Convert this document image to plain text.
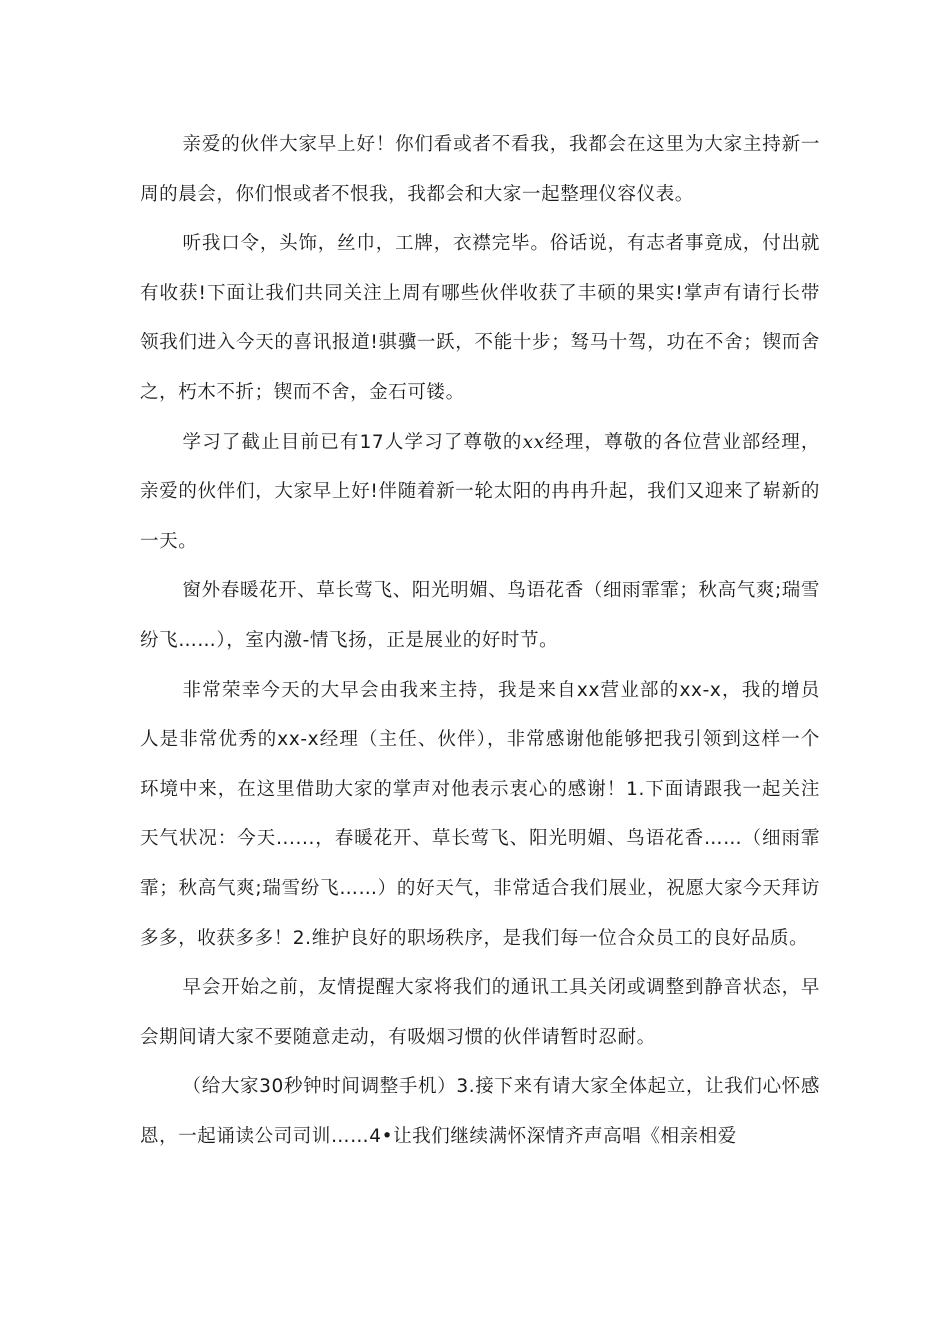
亲爱的伙伴大家早上好！你们看或者不看我，我都会在这里为大家主持新一周的晨会，你们恨或者不恨我，我都会和大家一起整理仪容仪表。

听我口令，头饰，丝巾，工牌，衣襟完毕。俗话说，有志者事竟成，付出就有收获!下面让我们共同关注上周有哪些伙伴收获了丰硕的果实!掌声有请行长带领我们进入今天的喜讯报道!骐骥一跃，不能十步；驽马十驾，功在不舍；锲而舍之，朽木不折；锲而不舍，金石可镂。

学习了截止目前已有17人学习了尊敬的xx经理，尊敬的各位营业部经理，亲爱的伙伴们，大家早上好!伴随着新一轮太阳的冉冉升起，我们又迎来了崭新的一天。

窗外春暖花开、草长莺飞、阳光明媚、鸟语花香（细雨霏霏；秋高气爽;瑞雪纷飞……），室内激-情飞扬，正是展业的好时节。

非常荣幸今天的大早会由我来主持，我是来自xx营业部的xx-x，我的增员人是非常优秀的xx-x经理（主任、伙伴），非常感谢他能够把我引领到这样一个环境中来，在这里借助大家的掌声对他表示衷心的感谢！1.下面请跟我一起关注天气状况：今天......，春暖花开、草长莺飞、阳光明媚、鸟语花香……（细雨霏霏；秋高气爽;瑞雪纷飞……）的好天气，非常适合我们展业，祝愿大家今天拜访多多，收获多多！2.维护良好的职场秩序，是我们每一位合众员工的良好品质。

早会开始之前，友情提醒大家将我们的通讯工具关闭或调整到静音状态，早会期间请大家不要随意走动，有吸烟习惯的伙伴请暂时忍耐。

（给大家30秒钟时间调整手机）3.接下来有请大家全体起立，让我们心怀感恩，一起诵读公司司训……4•让我们继续满怀深情齐声高唱《相亲相爱
